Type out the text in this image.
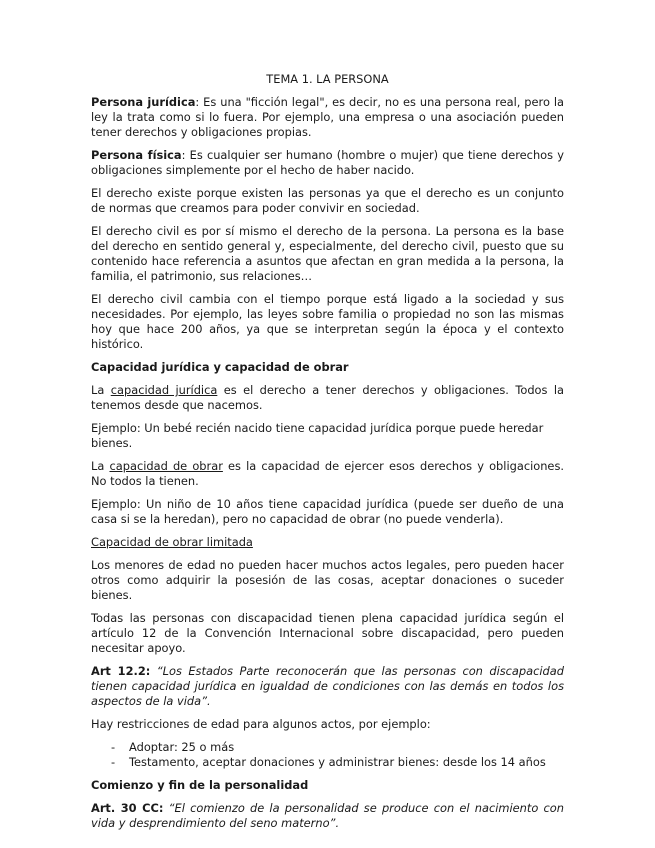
TEMA 1. LA PERSONA

Persona jurídica: Es una "ficción legal", es decir, no es una persona real, pero la ley la trata como si lo fuera. Por ejemplo, una empresa o una asociación pueden tener derechos y obligaciones propias.

Persona física: Es cualquier ser humano (hombre o mujer) que tiene derechos y obligaciones simplemente por el hecho de haber nacido.

El derecho existe porque existen las personas ya que el derecho es un conjunto de normas que creamos para poder convivir en sociedad.

El derecho civil es por sí mismo el derecho de la persona. La persona es la base del derecho en sentido general y, especialmente, del derecho civil, puesto que su contenido hace referencia a asuntos que afectan en gran medida a la persona, la familia, el patrimonio, sus relaciones…

El derecho civil cambia con el tiempo porque está ligado a la sociedad y sus necesidades. Por ejemplo, las leyes sobre familia o propiedad no son las mismas hoy que hace 200 años, ya que se interpretan según la época y el contexto histórico.

Capacidad jurídica y capacidad de obrar

La capacidad jurídica es el derecho a tener derechos y obligaciones. Todos la tenemos desde que nacemos.

Ejemplo: Un bebé recién nacido tiene capacidad jurídica porque puede heredar bienes.

La capacidad de obrar es la capacidad de ejercer esos derechos y obligaciones. No todos la tienen.

Ejemplo: Un niño de 10 años tiene capacidad jurídica (puede ser dueño de una casa si se la heredan), pero no capacidad de obrar (no puede venderla).

Capacidad de obrar limitada

Los menores de edad no pueden hacer muchos actos legales, pero pueden hacer otros como adquirir la posesión de las cosas, aceptar donaciones o suceder bienes.

Todas las personas con discapacidad tienen plena capacidad jurídica según el artículo 12 de la Convención Internacional sobre discapacidad, pero pueden necesitar apoyo.

Art 12.2: “Los Estados Parte reconocerán que las personas con discapacidad tienen capacidad jurídica en igualdad de condiciones con las demás en todos los aspectos de la vida”.

Hay restricciones de edad para algunos actos, por ejemplo:

- Adoptar: 25 o más
- Testamento, aceptar donaciones y administrar bienes: desde los 14 años
Comienzo y fin de la personalidad

Art. 30 CC: “El comienzo de la personalidad se produce con el nacimiento con vida y desprendimiento del seno materno”.
